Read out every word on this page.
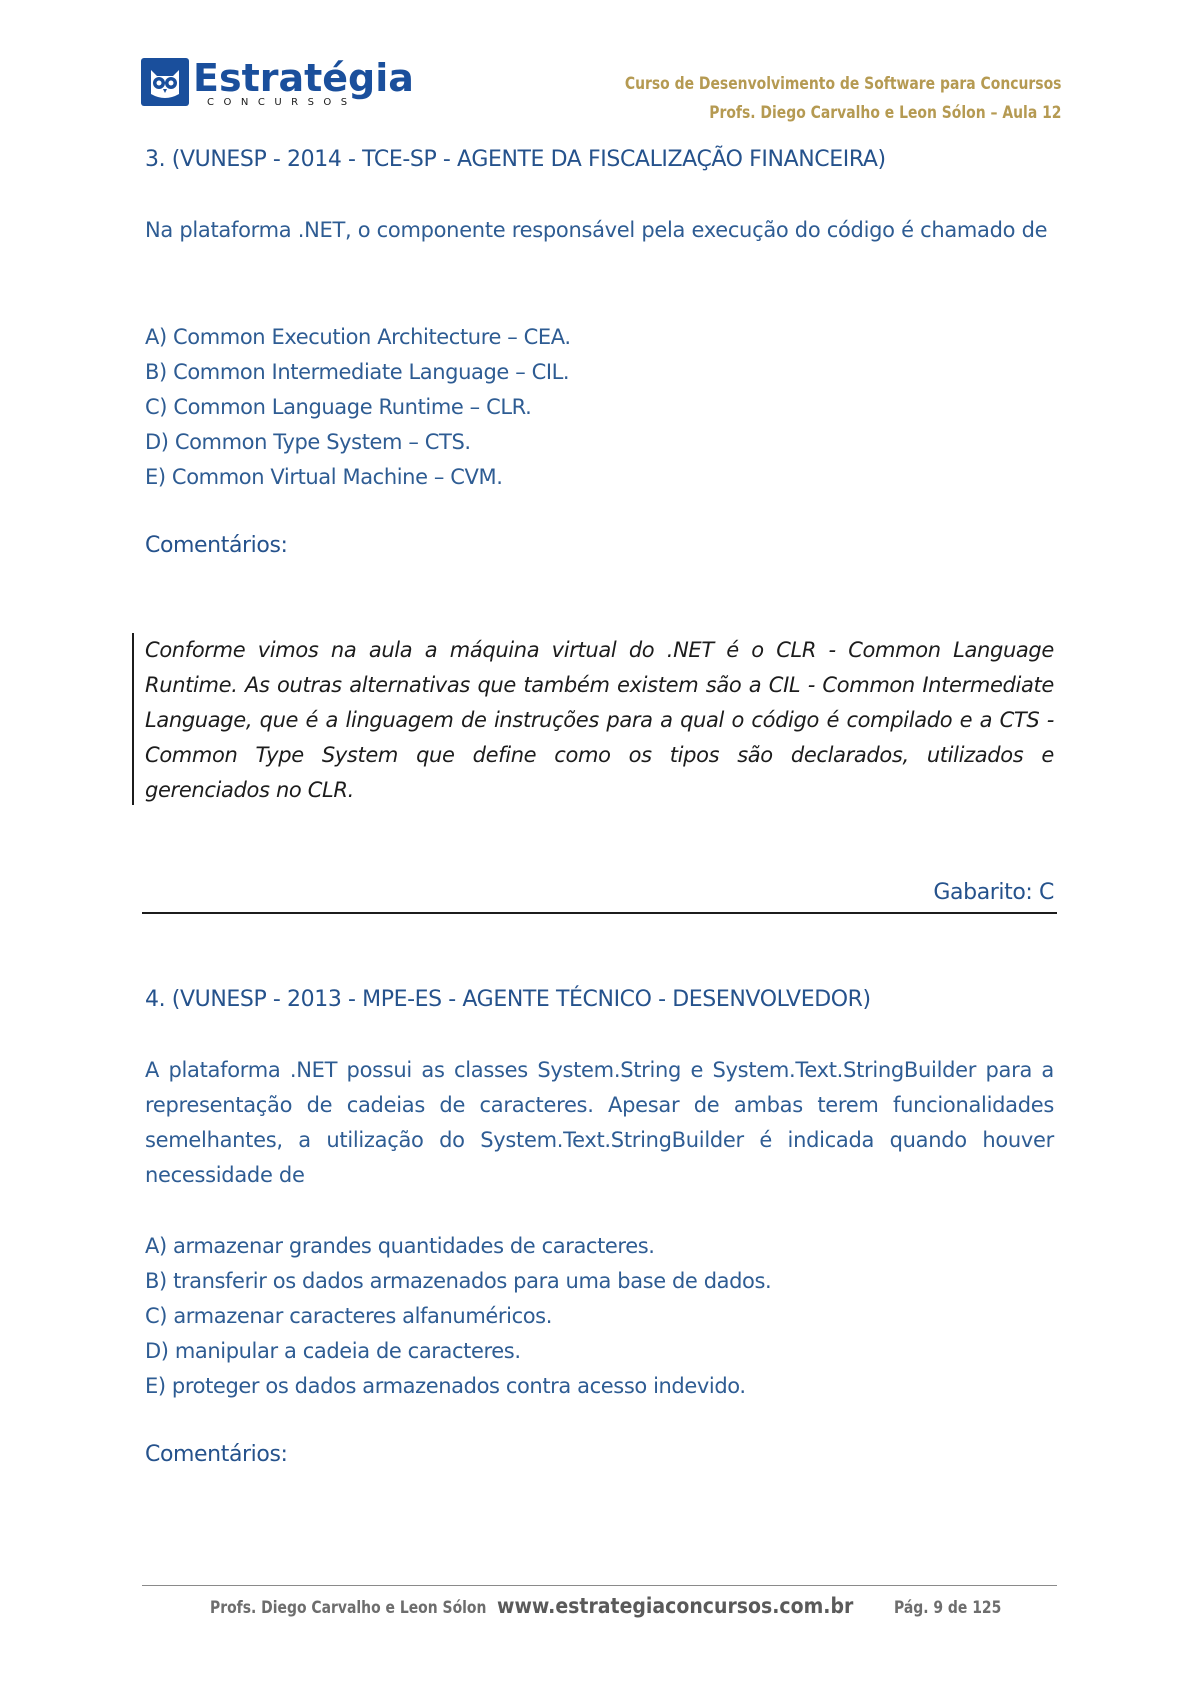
Estratégia
CONCURSOS
Curso de Desenvolvimento de Software para Concursos
Profs. Diego Carvalho e Leon Sólon – Aula 12
3. (VUNESP - 2014 - TCE-SP - AGENTE DA FISCALIZAÇÃO FINANCEIRA)
Na plataforma .NET, o componente responsável pela execução do código é chamado de
A) Common Execution Architecture – CEA.
B) Common Intermediate Language – CIL.
C) Common Language Runtime – CLR.
D) Common Type System – CTS.
E) Common Virtual Machine – CVM.
Comentários:
Conforme vimos na aula a máquina virtual do .NET é o CLR - Common Language Runtime. As outras alternativas que também existem são a CIL - Common Intermediate Language, que é a linguagem de instruções para a qual o código é compilado e a CTS - Common Type System que define como os tipos são declarados, utilizados e gerenciados no CLR.
Gabarito: C
4. (VUNESP - 2013 - MPE-ES - AGENTE TÉCNICO - DESENVOLVEDOR)
A plataforma .NET possui as classes System.String e System.Text.StringBuilder para a representação de cadeias de caracteres. Apesar de ambas terem funcionalidades semelhantes, a utilização do System.Text.StringBuilder é indicada quando houver necessidade de
A) armazenar grandes quantidades de caracteres.
B) transferir os dados armazenados para uma base de dados.
C) armazenar caracteres alfanuméricos.
D) manipular a cadeia de caracteres.
E) proteger os dados armazenados contra acesso indevido.
Comentários:
Profs. Diego Carvalho e Leon Sólon www.estrategiaconcursos.com.br Pág. 9 de 125
